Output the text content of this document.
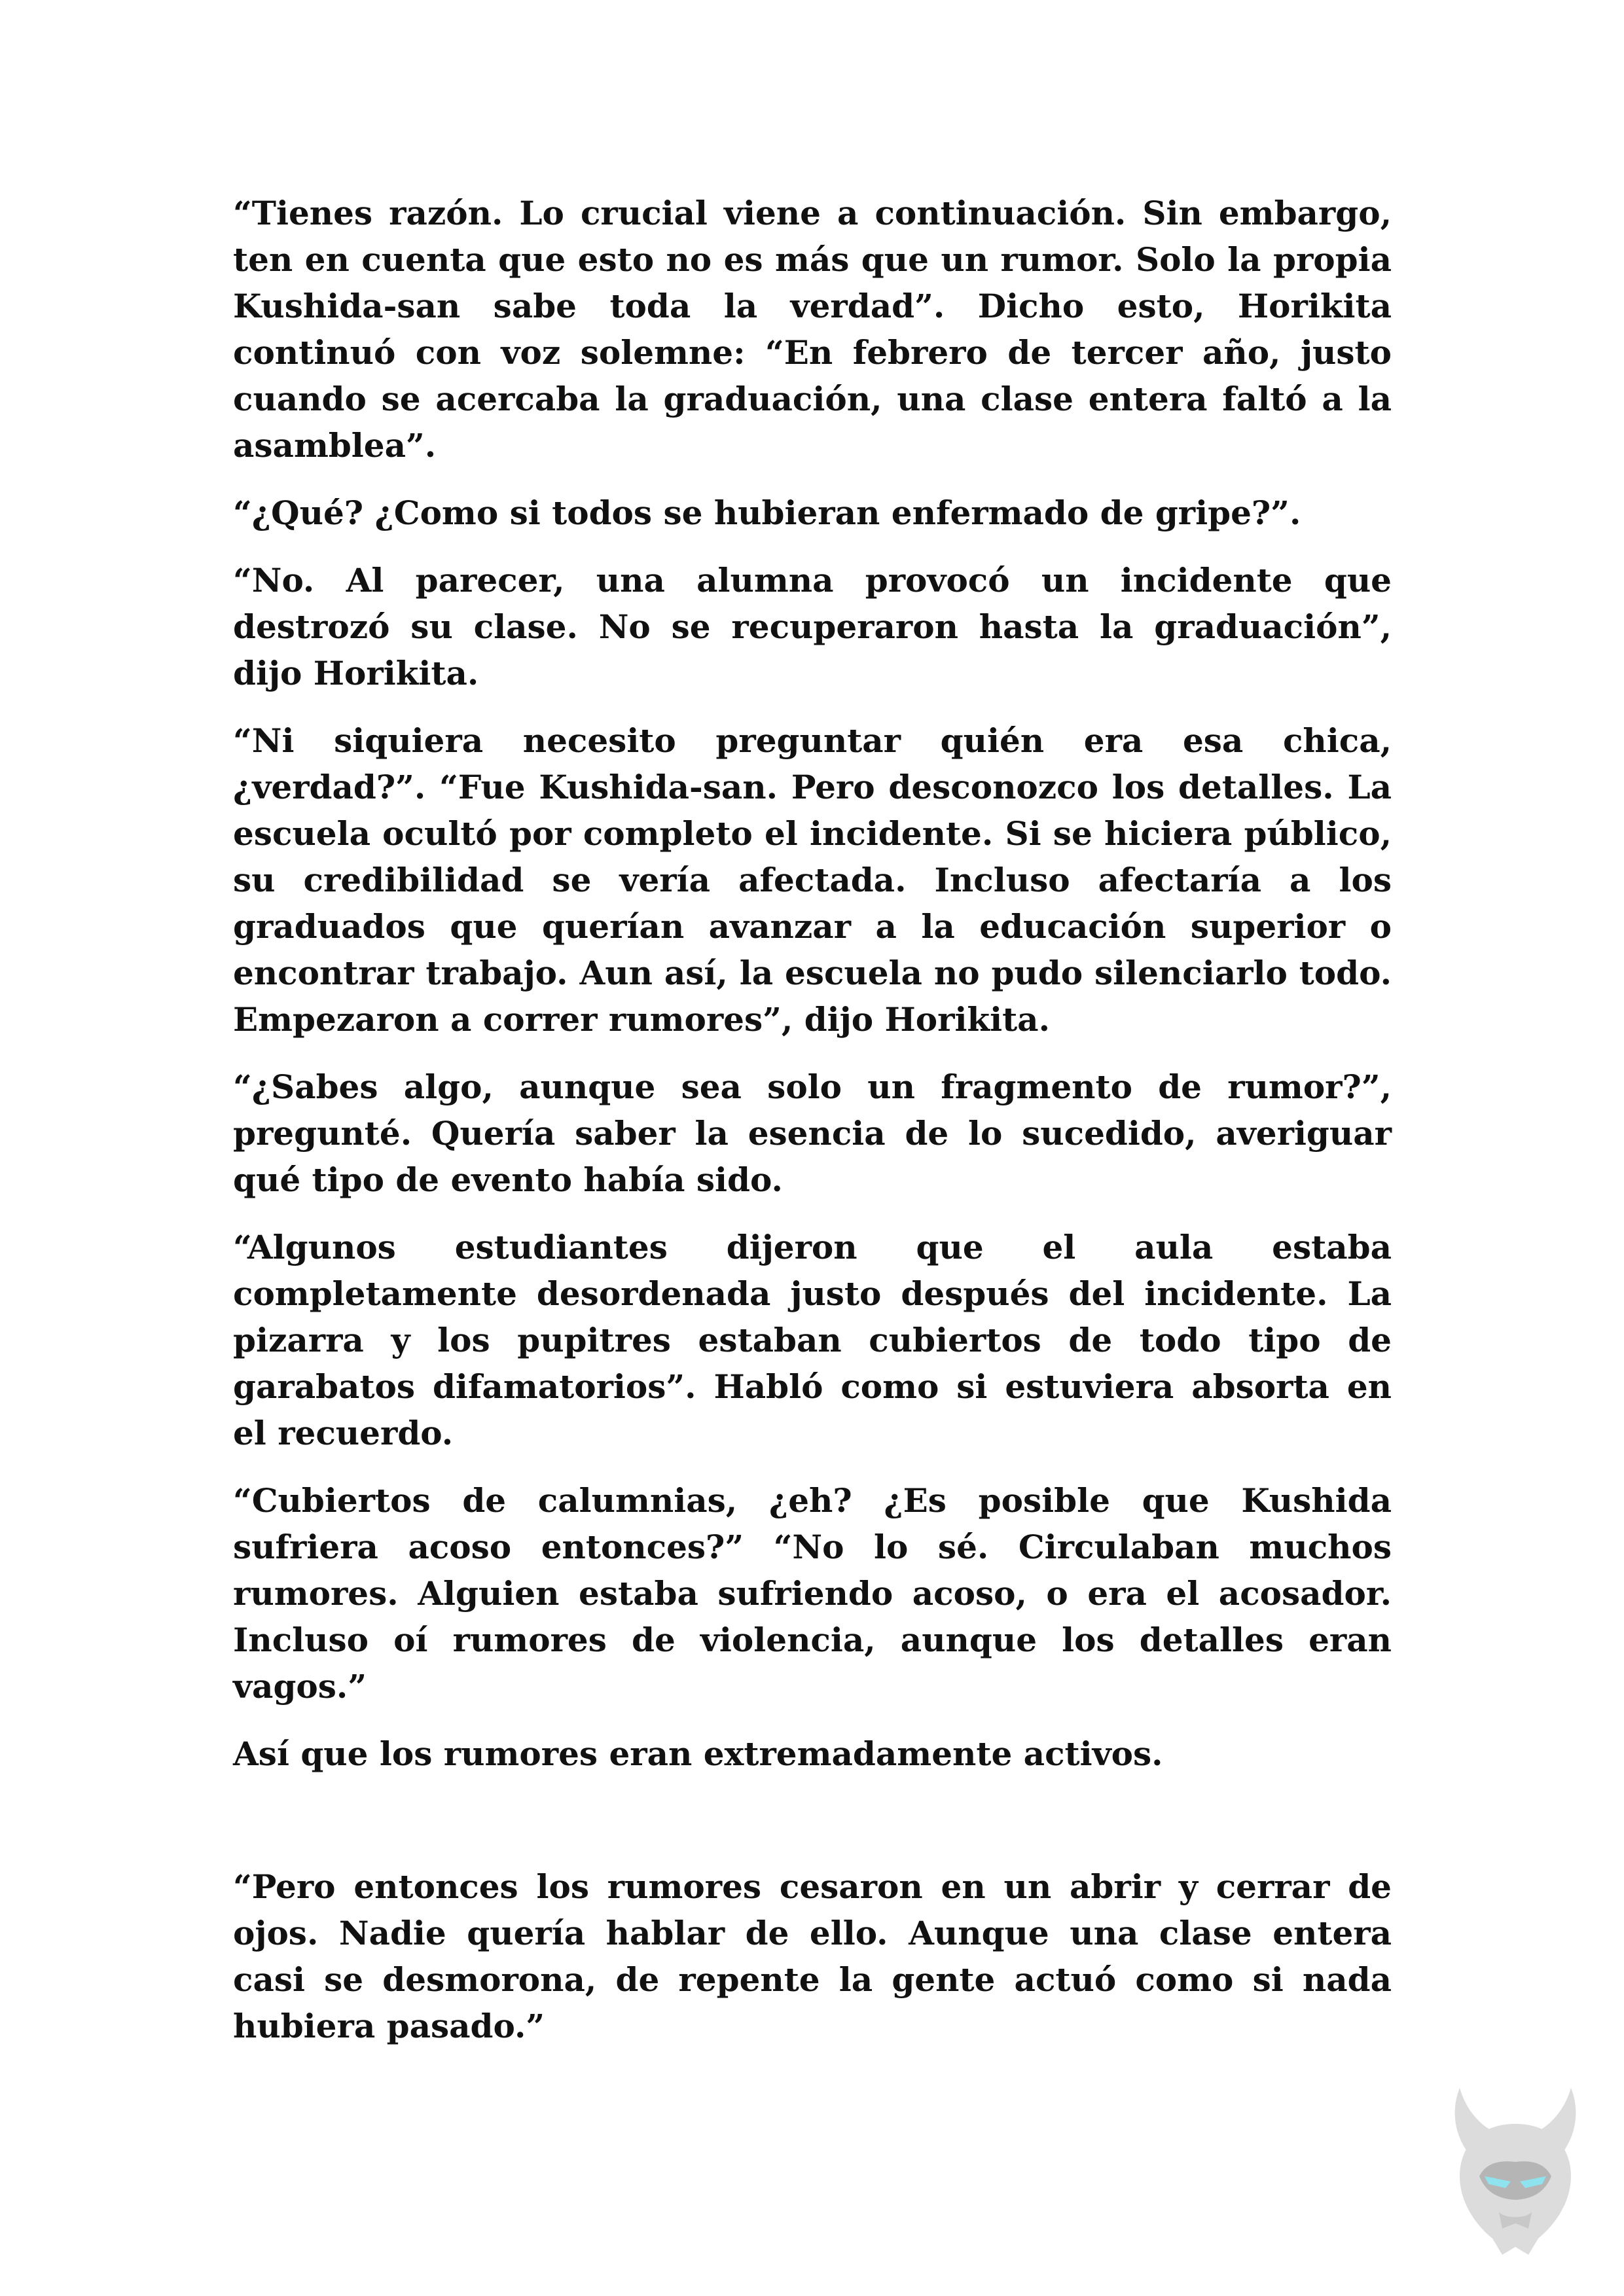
“Tienes razón. Lo crucial viene a continuación. Sin embargo, ten en cuenta que esto no es más que un rumor. Solo la propia Kushida-san sabe toda la verdad”. Dicho esto, Horikita continuó con voz solemne: “En febrero de tercer año, justo cuando se acercaba la graduación, una clase entera faltó a la asamblea”.

“¿Qué? ¿Como si todos se hubieran enfermado de gripe?”.

“No. Al parecer, una alumna provocó un incidente que destrozó su clase. No se recuperaron hasta la graduación”, dijo Horikita.

“Ni siquiera necesito preguntar quién era esa chica, ¿verdad?”. “Fue Kushida-san. Pero desconozco los detalles. La escuela ocultó por completo el incidente. Si se hiciera público, su credibilidad se vería afectada. Incluso afectaría a los graduados que querían avanzar a la educación superior o encontrar trabajo. Aun así, la escuela no pudo silenciarlo todo. Empezaron a correr rumores”, dijo Horikita.

“¿Sabes algo, aunque sea solo un fragmento de rumor?”, pregunté. Quería saber la esencia de lo sucedido, averiguar qué tipo de evento había sido.

“Algunos estudiantes dijeron que el aula estaba completamente desordenada justo después del incidente. La pizarra y los pupitres estaban cubiertos de todo tipo de garabatos difamatorios”. Habló como si estuviera absorta en el recuerdo.

“Cubiertos de calumnias, ¿eh? ¿Es posible que Kushida sufriera acoso entonces?” “No lo sé. Circulaban muchos rumores. Alguien estaba sufriendo acoso, o era el acosador. Incluso oí rumores de violencia, aunque los detalles eran vagos.”

Así que los rumores eran extremadamente activos.

“Pero entonces los rumores cesaron en un abrir y cerrar de ojos. Nadie quería hablar de ello. Aunque una clase entera casi se desmorona, de repente la gente actuó como si nada hubiera pasado.”
